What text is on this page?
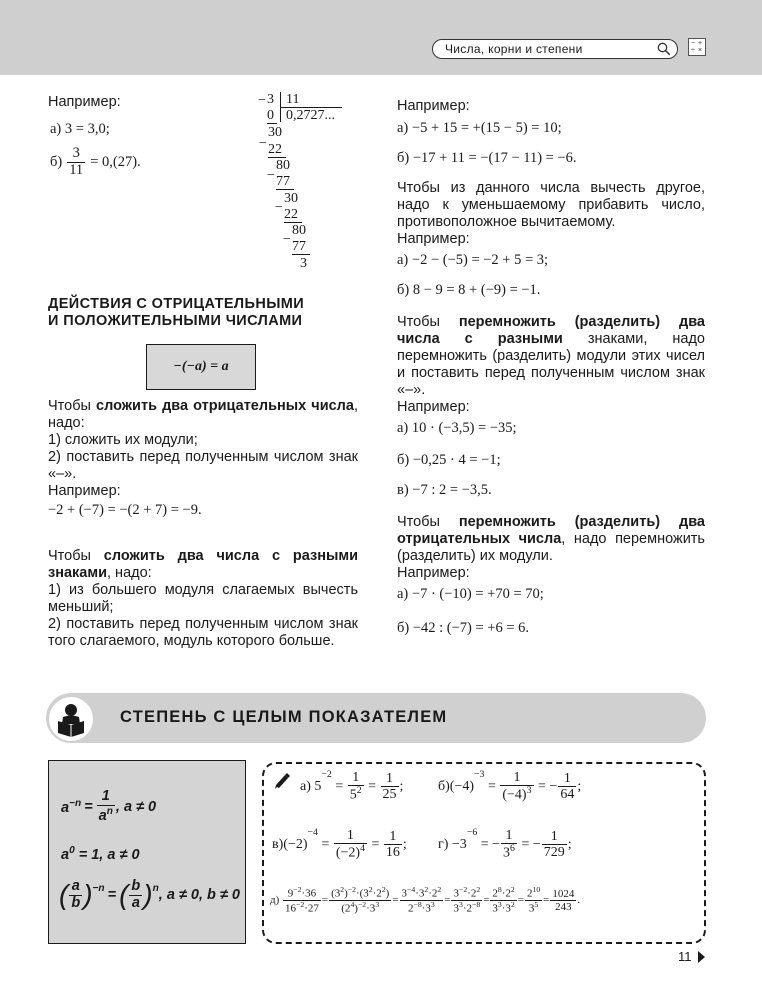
Числа, корни и степени	− +
÷ ×
Например:
а) 3 = 3,0;
$б) \frac{3}{11} = 0,(27)$.
− 3 11
0,2727...
0
30
− 22
80
− 77
30
− 22
80
− 77
3
ДЕЙСТВИЯ С ОТРИЦАТЕЛЬНЫМИ
И ПОЛОЖИТЕЛЬНЫМИ ЧИСЛАМИ
−(−a) = a
Чтобы сложить два отрицательных числа, надо:
1) сложить их модули;
2) поставить перед полученным числом знак «–».
Например:
−2 + (−7) = −(2 + 7) = −9.
Чтобы сложить два числа с разными знаками, надо:
1) из большего модуля слагаемых вычесть меньший;
2) поставить перед полученным числом знак того слагаемого, модуль которого больше.
Например:
а) −5 + 15 = +(15 − 5) = 10;
б) −17 + 11 = −(17 − 11) = −6.
Чтобы из данного числа вычесть другое, надо к уменьшаемому прибавить число, противоположное вычитаемому.
Например:
а) −2 − (−5) = −2 + 5 = 3;
б) 8 − 9 = 8 + (−9) = −1.
Чтобы перемножить (разделить) два числа с разными знаками, надо перемножить (разделить) модули этих чисел и поставить перед полученным числом знак «–».
Например:
а) 10 · (−3,5) = −35;
б) −0,25 · 4 = −1;
в) −7 : 2 = −3,5.
Чтобы перемножить (разделить) два отрицательных числа, надо перемножить (разделить) их модули.
Например:
а) −7 · (−10) = +70 = 70;
б) −42 : (−7) = +6 = 6.
СТЕПЕНЬ С ЦЕЛЫМ ПОКАЗАТЕЛЕМ
$a^{-n} = \frac{1}{a^n}$ , a ≠ 0
$a^0 = 1$, a ≠ 0
( $\frac{a}{b} )^{-n}$ = ( $\frac{b}{a} )^n$ , a ≠ 0, b ≠ 0
а) 5
$^{-2}$
= $\frac{1}{5^2} = \frac{1}{25}$ ; б) (−4)
$^{-3}$
= $\frac{1}{(-4)^3}$ = − $\frac{1}{64}$ ;
в) (−2)
$^{-4}$
= $\frac{1}{(-2)^4} = \frac{1}{16}$ ; г) −3
$^{-6}$
= − $\frac{1}{3^6}$ = − $\frac{1}{729}$ ;
д)
$\frac{9^{-2}\cdot 36}{16^{-2}\cdot 27} = \frac{(3^2)^{-2}\cdot(3^2\cdot 2^2)}{(2^4)^{-2}\cdot 3^3} = \frac{3^{-4}\cdot 3^2\cdot 2^2}{2^{-8}\cdot 3^3} = \frac{3^{-2}\cdot 2^2}{3^3\cdot 2^{-8}} = \frac{2^8\cdot 2^2}{3^3\cdot 3^2} = \frac{2^{10}}{3^5} = \frac{1024}{243}$ .
11
